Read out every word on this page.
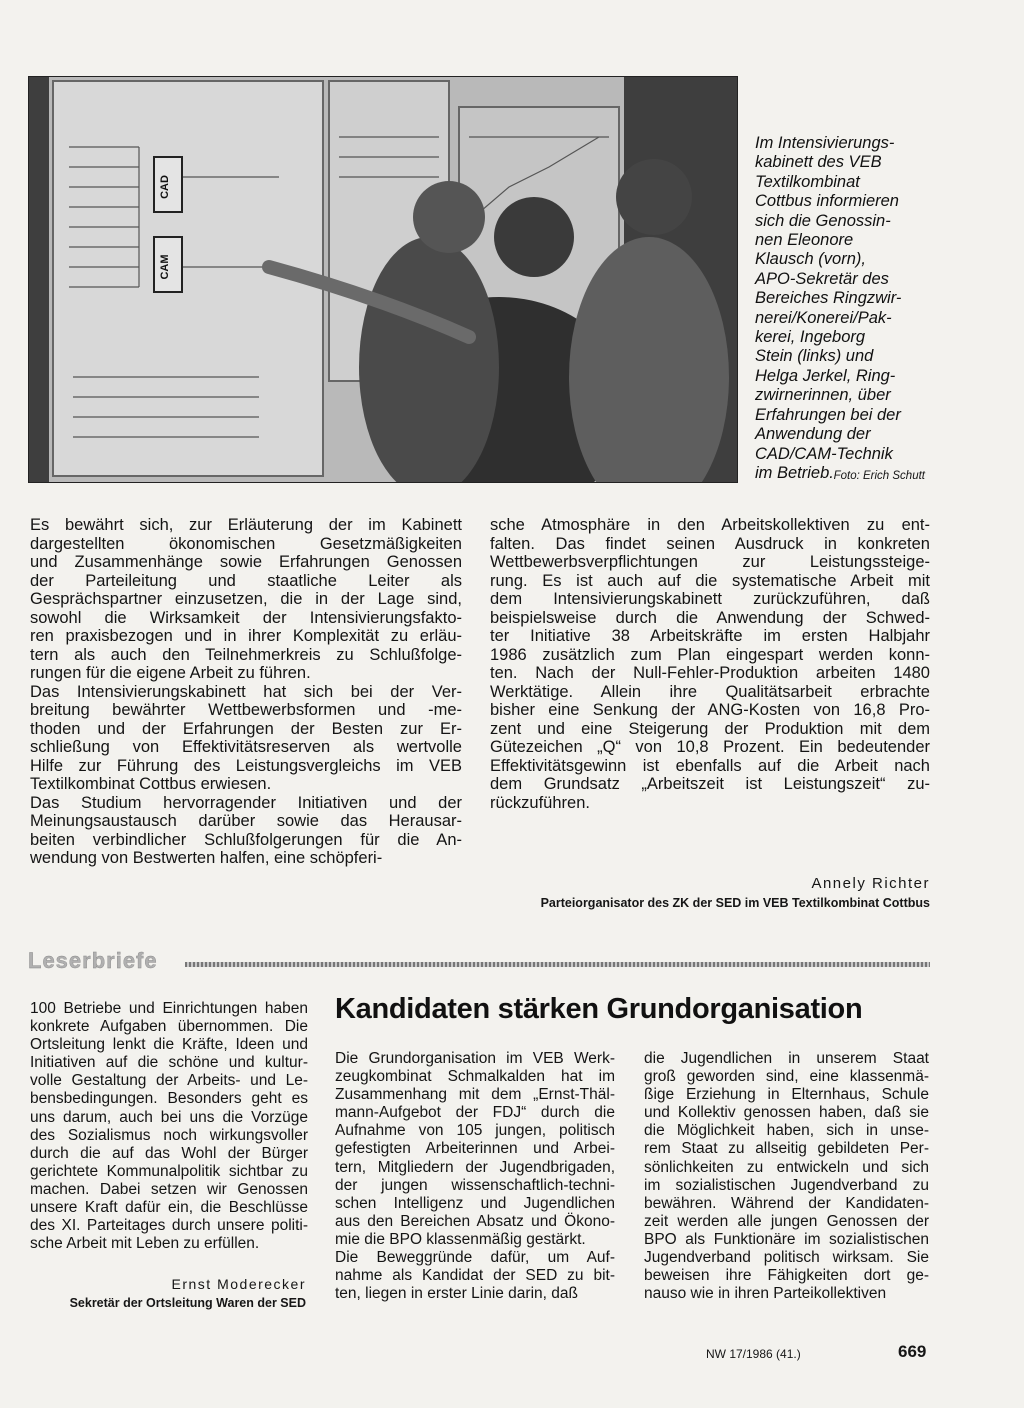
CAD
CAM
Im Intensivierungs-
kabinett des VEB
Textilkombinat
Cottbus informieren
sich die Genossin-
nen Eleonore
Klausch (vorn),
APO-Sekretär des
Bereiches Ringzwir-
nerei/Konerei/Pak-
kerei, Ingeborg
Stein (links) und
Helga Jerkel, Ring-
zwirnerinnen, über
Erfahrungen bei der
Anwendung der
CAD/CAM-Technik
im Betrieb. Foto: Erich Schutt
Es bewährt sich, zur Erläuterung der im Kabinett
dargestellten ökonomischen Gesetzmäßigkeiten
und Zusammenhänge sowie Erfahrungen Genossen
der Parteileitung und staatliche Leiter als
Gesprächspartner einzusetzen, die in der Lage sind,
sowohl die Wirksamkeit der Intensivierungsfakto-
ren praxisbezogen und in ihrer Komplexität zu erläu-
tern als auch den Teilnehmerkreis zu Schlußfolge-
rungen für die eigene Arbeit zu führen.
Das Intensivierungskabinett hat sich bei der Ver-
breitung bewährter Wettbewerbsformen und -me-
thoden und der Erfahrungen der Besten zur Er-
schließung von Effektivitätsreserven als wertvolle
Hilfe zur Führung des Leistungsvergleichs im VEB
Textilkombinat Cottbus erwiesen.
Das Studium hervorragender Initiativen und der
Meinungsaustausch darüber sowie das Herausar-
beiten verbindlicher Schlußfolgerungen für die An-
wendung von Bestwerten halfen, eine schöpferi-
sche Atmosphäre in den Arbeitskollektiven zu ent-
falten. Das findet seinen Ausdruck in konkreten
Wettbewerbsverpflichtungen zur Leistungssteige-
rung. Es ist auch auf die systematische Arbeit mit
dem Intensivierungskabinett zurückzuführen, daß
beispielsweise durch die Anwendung der Schwed-
ter Initiative 38 Arbeitskräfte im ersten Halbjahr
1986 zusätzlich zum Plan eingespart werden konn-
ten. Nach der Null-Fehler-Produktion arbeiten 1480
Werktätige. Allein ihre Qualitätsarbeit erbrachte
bisher eine Senkung der ANG-Kosten von 16,8 Pro-
zent und eine Steigerung der Produktion mit dem
Gütezeichen „Q“ von 10,8 Prozent. Ein bedeutender
Effektivitätsgewinn ist ebenfalls auf die Arbeit nach
dem Grundsatz „Arbeitszeit ist Leistungszeit“ zu-
rückzuführen.
Annely Richter
Parteiorganisator des ZK der SED im VEB Textilkombinat Cottbus
Leserbriefe
100 Betriebe und Einrichtungen haben
konkrete Aufgaben übernommen. Die
Ortsleitung lenkt die Kräfte, Ideen und
Initiativen auf die schöne und kultur-
volle Gestaltung der Arbeits- und Le-
bensbedingungen. Besonders geht es
uns darum, auch bei uns die Vorzüge
des Sozialismus noch wirkungsvoller
durch die auf das Wohl der Bürger
gerichtete Kommunalpolitik sichtbar zu
machen. Dabei setzen wir Genossen
unsere Kraft dafür ein, die Beschlüsse
des XI. Parteitages durch unsere politi-
sche Arbeit mit Leben zu erfüllen.
Ernst Moderecker
Sekretär der Ortsleitung Waren der SED
Kandidaten stärken Grundorganisation
Die Grundorganisation im VEB Werk-
zeugkombinat Schmalkalden hat im
Zusammenhang mit dem „Ernst-Thäl-
mann-Aufgebot der FDJ“ durch die
Aufnahme von 105 jungen, politisch
gefestigten Arbeiterinnen und Arbei-
tern, Mitgliedern der Jugendbrigaden,
der jungen wissenschaftlich-techni-
schen Intelligenz und Jugendlichen
aus den Bereichen Absatz und Ökono-
mie die BPO klassenmäßig gestärkt.
Die Beweggründe dafür, um Auf-
nahme als Kandidat der SED zu bit-
ten, liegen in erster Linie darin, daß
die Jugendlichen in unserem Staat
groß geworden sind, eine klassenmä-
ßige Erziehung in Elternhaus, Schule
und Kollektiv genossen haben, daß sie
die Möglichkeit haben, sich in unse-
rem Staat zu allseitig gebildeten Per-
sönlichkeiten zu entwickeln und sich
im sozialistischen Jugendverband zu
bewähren. Während der Kandidaten-
zeit werden alle jungen Genossen der
BPO als Funktionäre im sozialistischen
Jugendverband politisch wirksam. Sie
beweisen ihre Fähigkeiten dort ge-
nauso wie in ihren Parteikollektiven
NW 17/1986 (41.)	669
